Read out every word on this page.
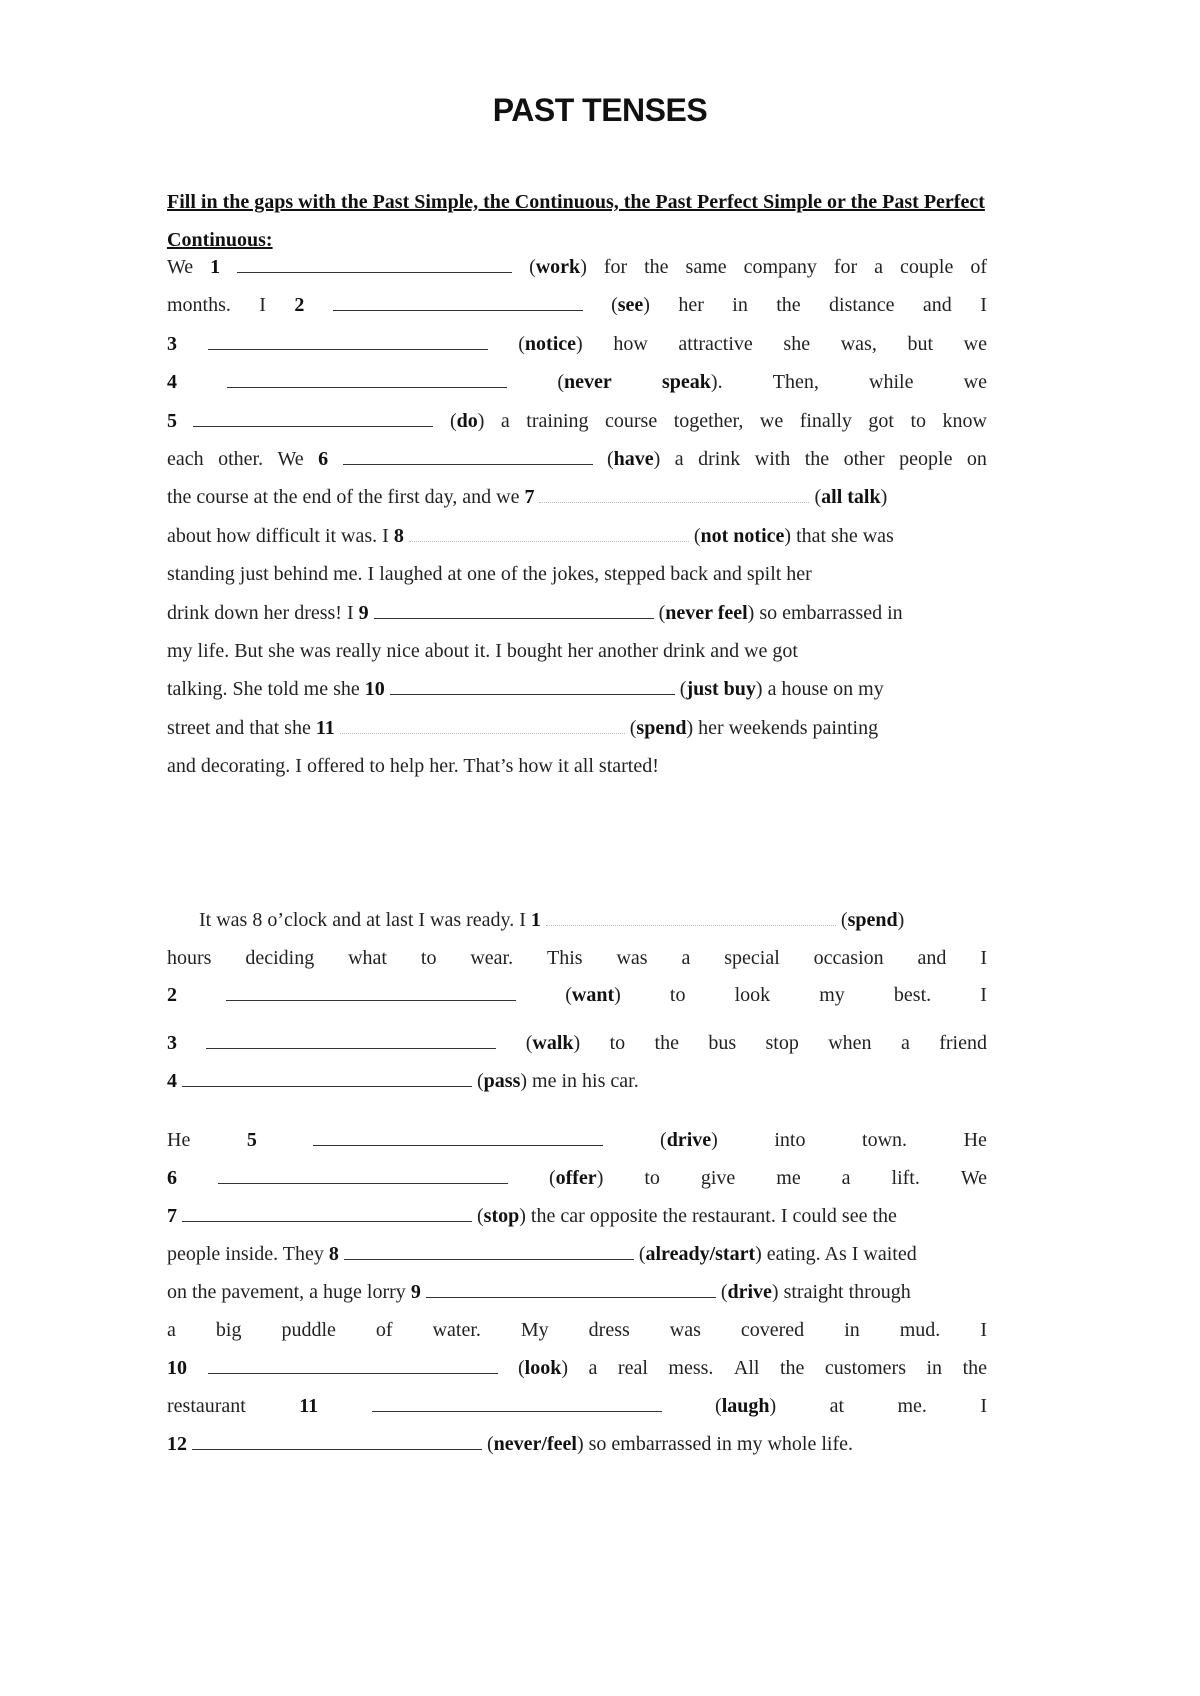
PAST TENSES
Fill in the gaps with the Past Simple, the Continuous, the Past Perfect Simple or the Past Perfect Continuous:
We 1	(work) for the same company for a couple of
months. I 2	(see) her in the distance and I
3	(notice) how attractive she was, but we
4	(never	speak).	Then,	while	we
5	(do) a training course together, we finally got to know
each other. We 6	(have) a drink with the other people on
the course at the end of the first day, and we 7	(all talk)
about how difficult it was. I 8	(not notice) that she was
standing just behind me. I laughed at one of the jokes, stepped back and spilt her
drink down her dress! I 9	(never feel) so embarrassed in
my life. But she was really nice about it. I bought her another drink and we got
talking. She told me she 10	(just buy) a house on my
street and that she 11	(spend) her weekends painting
and decorating. I offered to help her. That’s how it all started!
It was 8 o’clock and at last I was ready. I 1	(spend)
hours deciding what to wear. This was a special occasion and I
2	(want) to look my best. I
3	(walk) to the bus stop when a friend
4	(pass) me in his car.
He	5	(drive)	into	town.	He
6	(offer) to give me a lift. We
7	(stop) the car opposite the restaurant. I could see the
people inside. They 8	(already/start) eating. As I waited
on the pavement, a huge lorry 9	(drive) straight through
a big puddle of water. My dress was covered in mud. I
10	(look) a real mess. All the customers in the
restaurant	11	(laugh)	at	me.	I
12	(never/feel) so embarrassed in my whole life.
